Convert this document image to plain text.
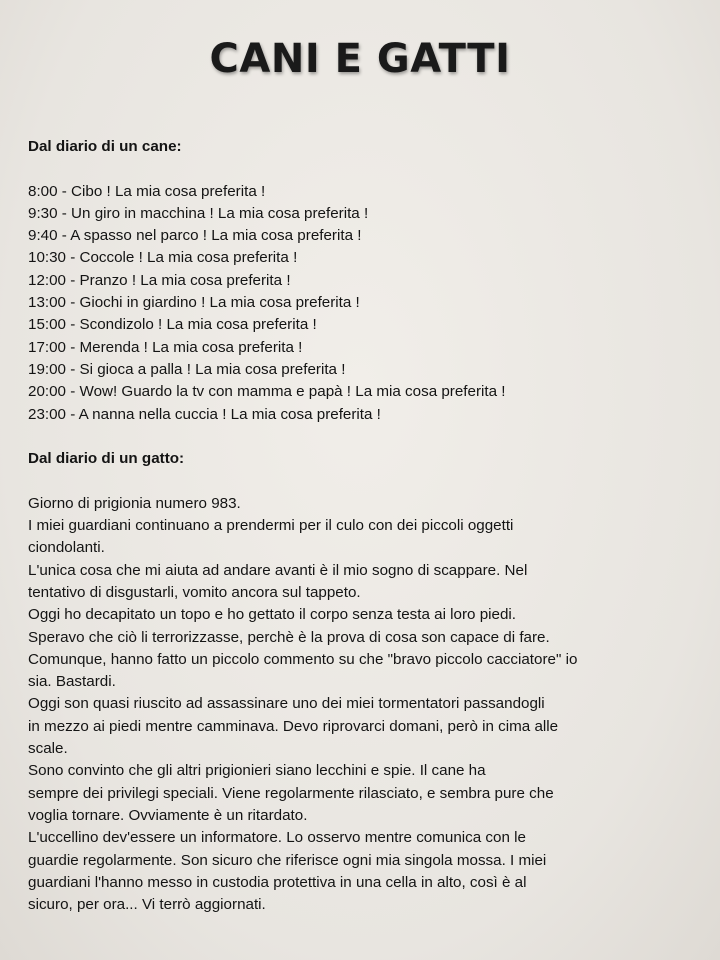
CANI E GATTI
Dal diario di un cane:
8:00 - Cibo ! La mia cosa preferita !
9:30 - Un giro in macchina ! La mia cosa preferita !
9:40 - A spasso nel parco ! La mia cosa preferita !
10:30 - Coccole ! La mia cosa preferita !
12:00 - Pranzo ! La mia cosa preferita !
13:00 - Giochi in giardino ! La mia cosa preferita !
15:00 - Scondizolo ! La mia cosa preferita !
17:00 - Merenda ! La mia cosa preferita !
19:00 - Si gioca a palla ! La mia cosa preferita !
20:00 - Wow! Guardo la tv con mamma e papà ! La mia cosa preferita !
23:00 - A nanna nella cuccia ! La mia cosa preferita !
Dal diario di un gatto:
Giorno di prigionia numero 983.
I miei guardiani continuano a prendermi per il culo con dei piccoli oggetti
ciondolanti.
L'unica cosa che mi aiuta ad andare avanti è il mio sogno di scappare. Nel
tentativo di disgustarli, vomito ancora sul tappeto.
Oggi ho decapitato un topo e ho gettato il corpo senza testa ai loro piedi.
Speravo che ciò li terrorizzasse, perchè è la prova di cosa son capace di fare.
Comunque, hanno fatto un piccolo commento su che "bravo piccolo cacciatore" io
sia. Bastardi.
Oggi son quasi riuscito ad assassinare uno dei miei tormentatori passandogli
in mezzo ai piedi mentre camminava. Devo riprovarci domani, però in cima alle
scale.
Sono convinto che gli altri prigionieri siano lecchini e spie. Il cane ha
sempre dei privilegi speciali. Viene regolarmente rilasciato, e sembra pure che
voglia tornare. Ovviamente è un ritardato.
L'uccellino dev'essere un informatore. Lo osservo mentre comunica con le
guardie regolarmente. Son sicuro che riferisce ogni mia singola mossa. I miei
guardiani l'hanno messo in custodia protettiva in una cella in alto, così è al
sicuro, per ora... Vi terrò aggiornati.
